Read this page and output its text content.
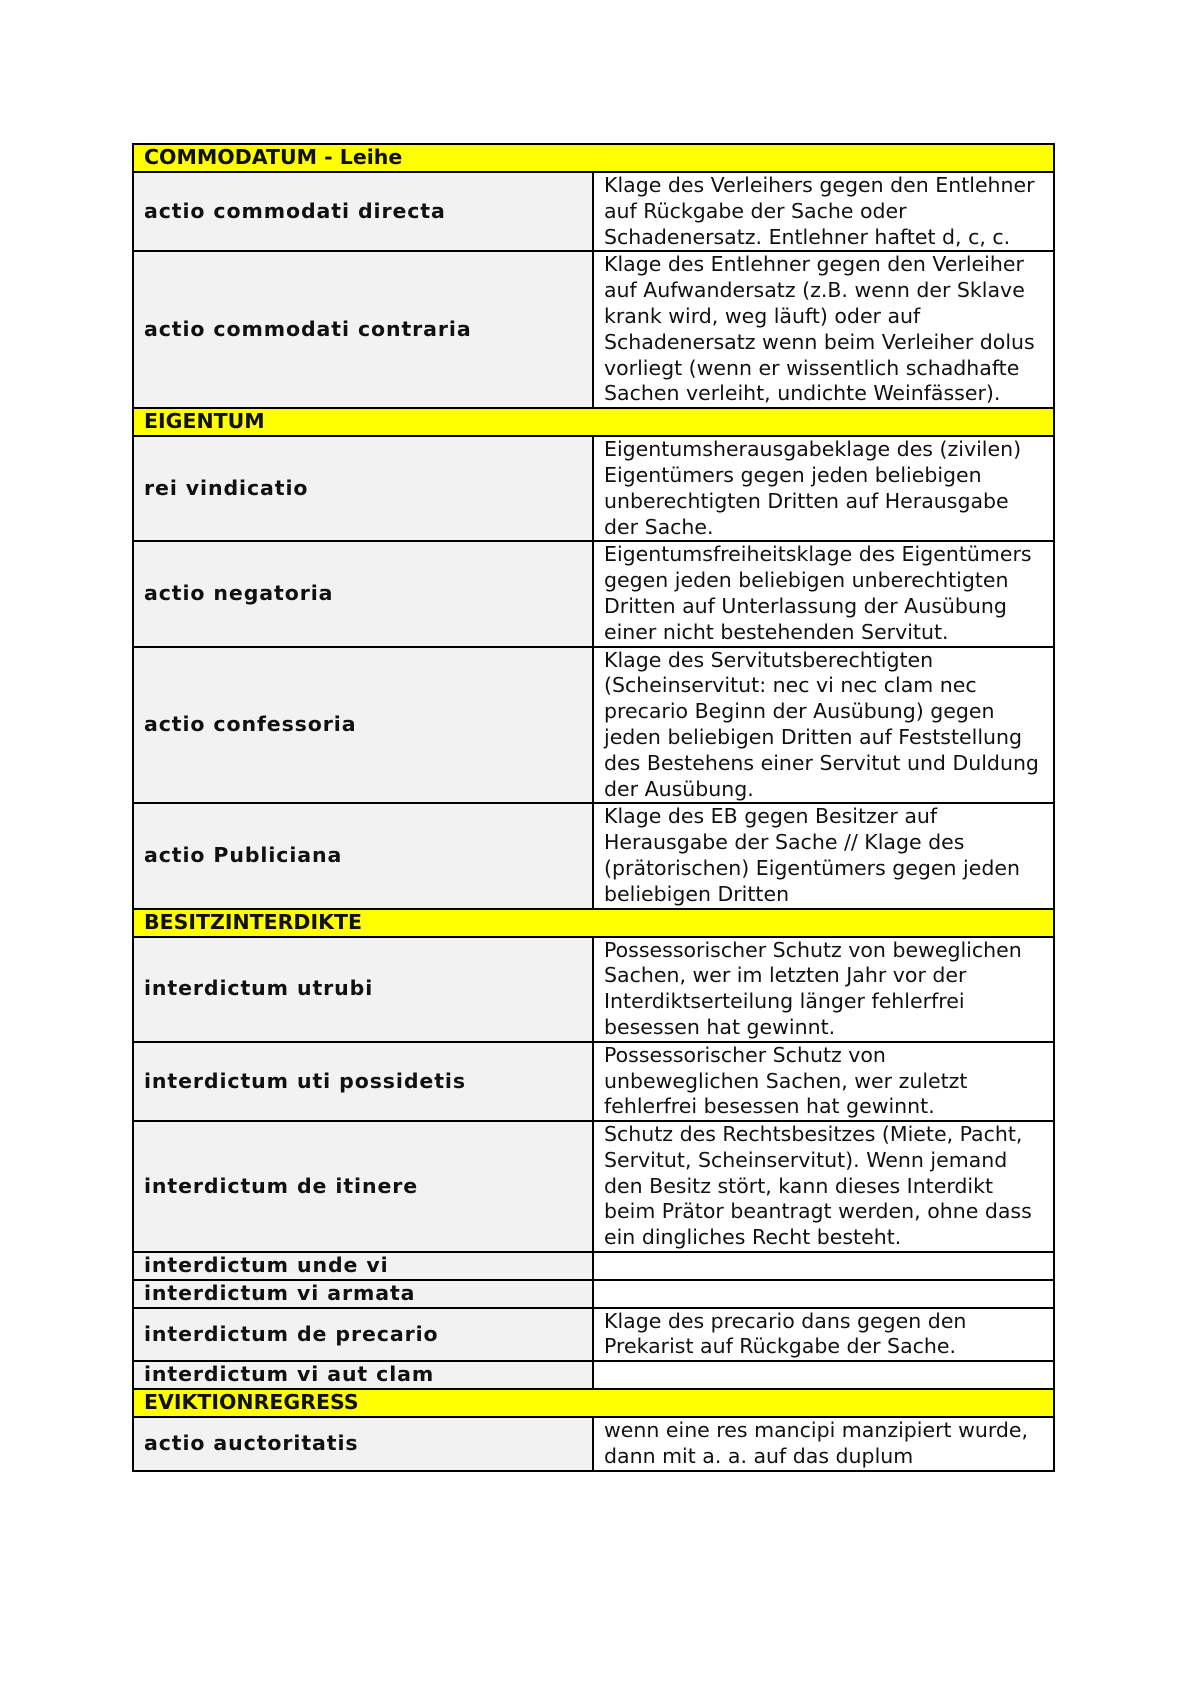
COMMODATUM - Leihe	
actio commodati directa	Klage des Verleihers gegen den Entlehner auf Rückgabe der Sache oder Schadenersatz. Entlehner haftet d, c, c.
actio commodati contraria	Klage des Entlehner gegen den Verleiher auf Aufwandersatz (z.B. wenn der Sklave krank wird, weg läuft) oder auf Schadenersatz wenn beim Verleiher dolus vorliegt (wenn er wissentlich schadhafte Sachen verleiht, undichte Weinfässer).
EIGENTUM	
rei vindicatio	Eigentumsherausgabeklage des (zivilen) Eigentümers gegen jeden beliebigen unberechtigten Dritten auf Herausgabe der Sache.
actio negatoria	Eigentumsfreiheitsklage des Eigentümers gegen jeden beliebigen unberechtigten Dritten auf Unterlassung der Ausübung einer nicht bestehenden Servitut.
actio confessoria	Klage des Servitutsberechtigten (Scheinservitut: nec vi nec clam nec precario Beginn der Ausübung) gegen jeden beliebigen Dritten auf Feststellung des Bestehens einer Servitut und Duldung der Ausübung.
actio Publiciana	Klage des EB gegen Besitzer auf Herausgabe der Sache // Klage des (prätorischen) Eigentümers gegen jeden beliebigen Dritten
BESITZINTERDIKTE	
interdictum utrubi	Possessorischer Schutz von beweglichen Sachen, wer im letzten Jahr vor der Interdiktserteilung länger fehlerfrei besessen hat gewinnt.
interdictum uti possidetis	Possessorischer Schutz von unbeweglichen Sachen, wer zuletzt fehlerfrei besessen hat gewinnt.
interdictum de itinere	Schutz des Rechtsbesitzes (Miete, Pacht, Servitut, Scheinservitut). Wenn jemand den Besitz stört, kann dieses Interdikt beim Prätor beantragt werden, ohne dass ein dingliches Recht besteht.
interdictum unde vi	
interdictum vi armata	
interdictum de precario	Klage des precario dans gegen den Prekarist auf Rückgabe der Sache.
interdictum vi aut clam	
EVIKTIONREGRESS	
actio auctoritatis	wenn eine res mancipi manzipiert wurde, dann mit a. a. auf das duplum
